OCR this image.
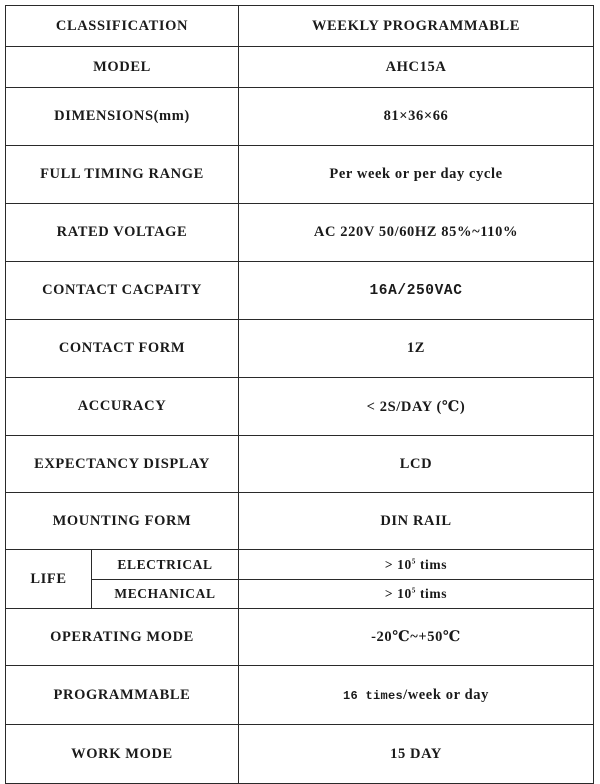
CLASSIFICATION		WEEKLY PROGRAMMABLE
MODEL		AHC15A
DIMENSIONS(mm)		81×36×66
FULL TIMING RANGE		Per week or per day cycle
RATED VOLTAGE		AC 220V 50/60HZ 85%~110%
CONTACT CACPAITY		16A/250VAC
CONTACT FORM		1Z
ACCURACY		< 2S/DAY (℃)
EXPECTANCY DISPLAY		LCD
MOUNTING FORM		DIN RAIL
LIFE	ELECTRICAL	> $10^5$ tims
	MECHANICAL	> $10^5$ tims
OPERATING MODE		-20℃~+50℃
PROGRAMMABLE		16 times/week or day
WORK MODE		15 DAY
